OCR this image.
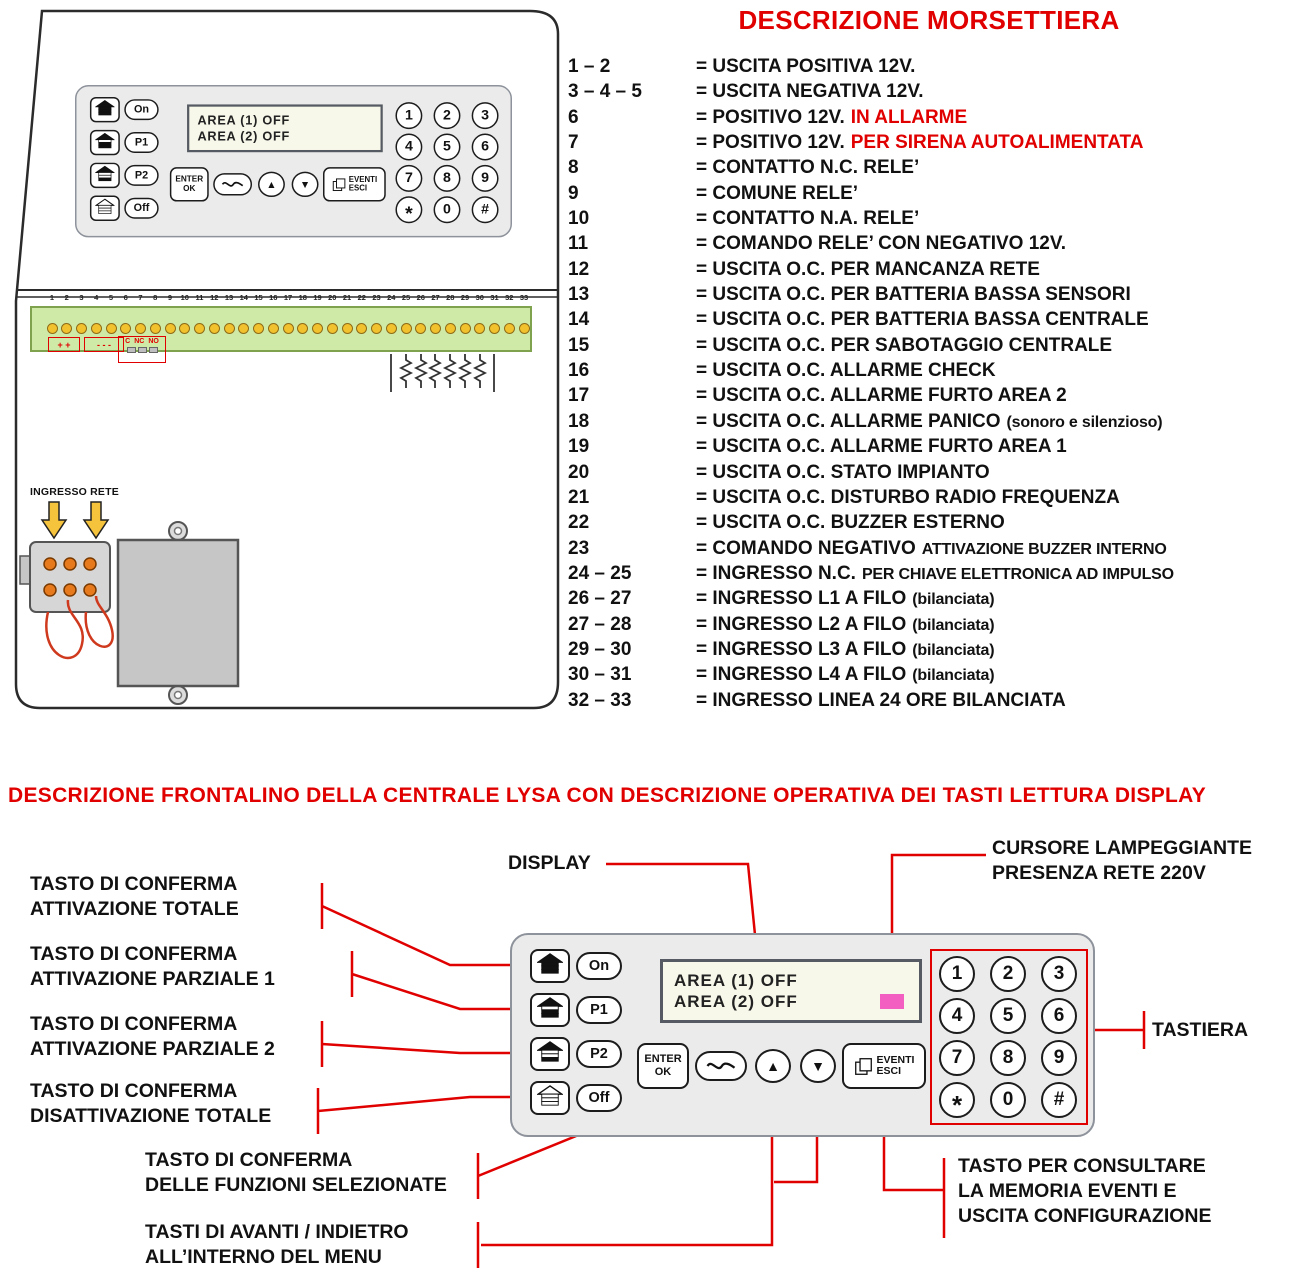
On
P1
P2
Off
AREA (1) OFF
AREA (2) OFF
ENTER
OK	▲ ▼	EVENTI
ESCI
1	2	3
4	5	6
7	8	9
*	0	#
1	2	3	4	5	6	7	8	9	10 11 12 13 14 15 16 17 18 19 20 21 22 23 24 25 26 27 28 29 30 31 32 33
+ +	- - -	C NC NO
INGRESSO RETE
DESCRIZIONE MORSETTIERA
1 – 2	= USCITA POSITIVA 12V.
3 – 4 – 5	= USCITA NEGATIVA 12V.
6	= POSITIVO 12V. IN ALLARME
7	= POSITIVO 12V. PER SIRENA AUTOALIMENTATA
8	= CONTATTO N.C. RELE’
9	= COMUNE RELE’
10	= CONTATTO N.A. RELE’
11	= COMANDO RELE’ CON NEGATIVO 12V.
12	= USCITA O.C. PER MANCANZA RETE
13	= USCITA O.C. PER BATTERIA BASSA SENSORI
14	= USCITA O.C. PER BATTERIA BASSA CENTRALE
15	= USCITA O.C. PER SABOTAGGIO CENTRALE
16	= USCITA O.C. ALLARME CHECK
17	= USCITA O.C. ALLARME FURTO AREA 2
18	= USCITA O.C. ALLARME PANICO (sonoro e silenzioso)
19	= USCITA O.C. ALLARME FURTO AREA 1
20	= USCITA O.C. STATO IMPIANTO
21	= USCITA O.C. DISTURBO RADIO FREQUENZA
22	= USCITA O.C. BUZZER ESTERNO
23	= COMANDO NEGATIVO ATTIVAZIONE BUZZER INTERNO
24 – 25	= INGRESSO N.C. PER CHIAVE ELETTRONICA AD IMPULSO
26 – 27	= INGRESSO L1 A FILO (bilanciata)
27 – 28	= INGRESSO L2 A FILO (bilanciata)
29 – 30	= INGRESSO L3 A FILO (bilanciata)
30 – 31	= INGRESSO L4 A FILO (bilanciata)
32 – 33	= INGRESSO LINEA 24 ORE BILANCIATA
DESCRIZIONE FRONTALINO DELLA CENTRALE LYSA CON DESCRIZIONE OPERATIVA DEI TASTI LETTURA DISPLAY
TASTO DI CONFERMA
ATTIVAZIONE TOTALE
TASTO DI CONFERMA
ATTIVAZIONE PARZIALE 1
TASTO DI CONFERMA
ATTIVAZIONE PARZIALE 2
TASTO DI CONFERMA
DISATTIVAZIONE TOTALE
DISPLAY
CURSORE LAMPEGGIANTE
PRESENZA RETE 220V
TASTIERA
TASTO DI CONFERMA
DELLE FUNZIONI SELEZIONATE
TASTI DI AVANTI / INDIETRO
ALL’INTERNO DEL MENU
TASTO PER CONSULTARE
LA MEMORIA EVENTI E
USCITA CONFIGURAZIONE
On
P1
P2
Off
AREA (1) OFF
AREA (2) OFF
ENTER
OK	▲ ▼	EVENTI
ESCI
1	2	3
4	5	6
7	8	9
*	0	#
